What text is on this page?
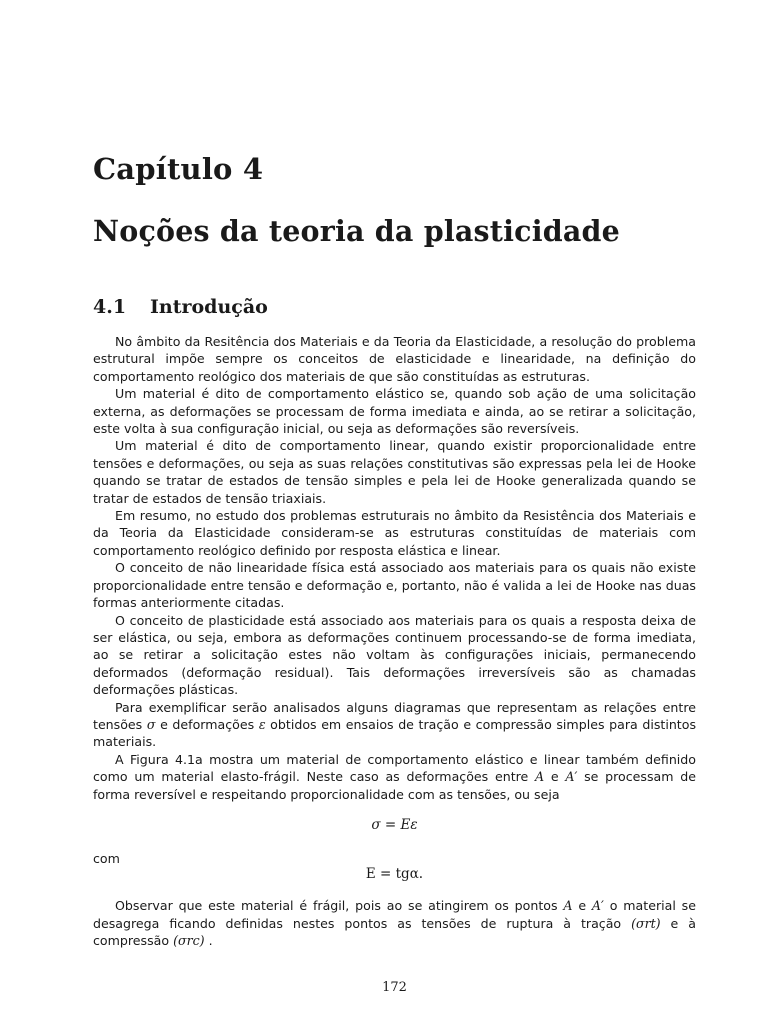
Capítulo 4
Noções da teoria da plasticidade
4.1 Introdução

No âmbito da Resitência dos Materiais e da Teoria da Elasticidade, a resolução do problema estrutural impõe sempre os conceitos de elasticidade e linearidade, na definição do comportamento reológico dos materiais de que são constituídas as estruturas.

Um material é dito de comportamento elástico se, quando sob ação de uma solicitação externa, as deformações se processam de forma imediata e ainda, ao se retirar a solicitação, este volta à sua configuração inicial, ou seja as deformações são reversíveis.

Um material é dito de comportamento linear, quando existir proporcionalidade entre tensões e deformações, ou seja as suas relações constitutivas são expressas pela lei de Hooke quando se tratar de estados de tensão simples e pela lei de Hooke generalizada quando se tratar de estados de tensão triaxiais.

Em resumo, no estudo dos problemas estruturais no âmbito da Resistência dos Materiais e da Teoria da Elasticidade consideram-se as estruturas constituídas de materiais com comportamento reológico definido por resposta elástica e linear.

O conceito de não linearidade física está associado aos materiais para os quais não existe proporcionalidade entre tensão e deformação e, portanto, não é valida a lei de Hooke nas duas formas anteriormente citadas.

O conceito de plasticidade está associado aos materiais para os quais a resposta deixa de ser elástica, ou seja, embora as deformações continuem processando-se de forma imediata, ao se retirar a solicitação estes não voltam às configurações iniciais, permanecendo deformados (deformação residual). Tais deformações irreversíveis são as chamadas deformações plásticas.

Para exemplificar serão analisados alguns diagramas que representam as relações entre tensões σ e deformações ε obtidos em ensaios de tração e compressão simples para distintos materiais.

A Figura 4.1a mostra um material de comportamento elástico e linear também definido como um material elasto-frágil. Neste caso as deformações entre A e A′ se processam de forma reversível e respeitando proporcionalidade com as tensões, ou seja

σ = Eε

com

E = tgα.

Observar que este material é frágil, pois ao se atingirem os pontos A e A′ o material se desagrega ficando definidas nestes pontos as tensões de ruptura à tração (σrt) e à compressão (σrc) .

172
